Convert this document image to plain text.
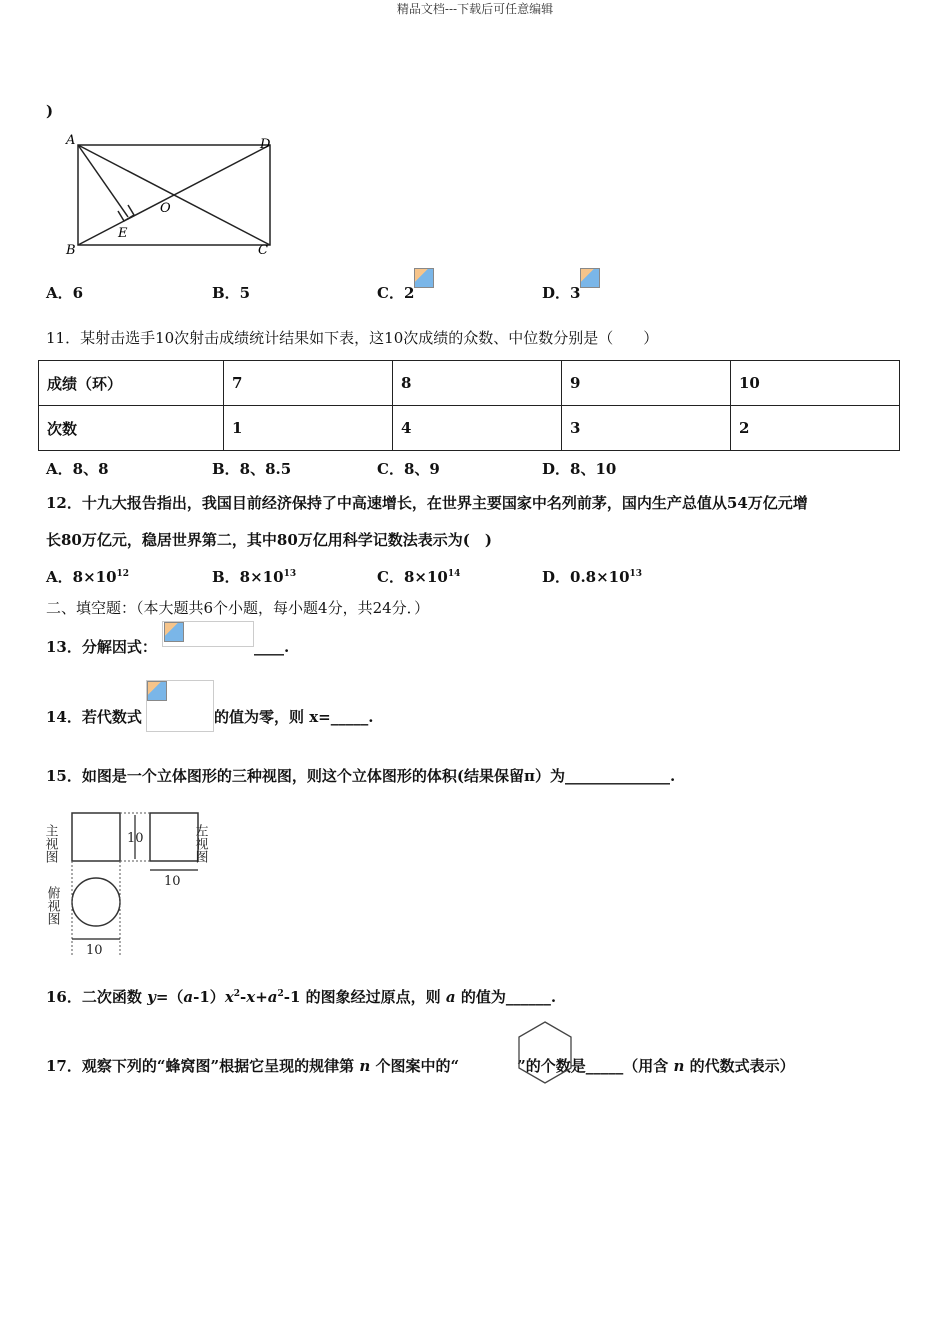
精品文档---下载后可任意编辑
)
A	D
B	C
O
E
A．6	B．5	C．2	D．3
11．某射击选手10次射击成绩统计结果如下表，这10次成绩的众数、中位数分别是（　　）
成绩（环）	7	8	9	10
次数	1	4	3	2
A．8、8	B．8、8.5	C．8、9	D．8、10
12．十九大报告指出，我国目前经济保持了中高速增长，在世界主要国家中名列前茅，国内生产总值从54万亿元增
长80万亿元，稳居世界第二，其中80万亿用科学记数法表示为(　)
A．$8\times 10^{12}$	B．$8\times 10^{13}$	C．$8\times 10^{14}$	D．$0.8\times 10^{13}$
二、填空题：（本大题共6个小题，每小题4分，共24分．）
13．分解因式：	____.
14．若代数式	的值为零，则 x=_____.
15．如图是一个立体图形的三种视图，则这个立体图形的体积(结果保留π）为______________.
主视图	左视图
俯视图
10
10
10
16．二次函数 $y=(a-1)x^2-x+a^2-1$ 的图象经过原点，则 a 的值为______.
17．观察下列的“蜂窝图”根据它呈现的规律第 n 个图案中的“	”的个数是_____（用含 n 的代数式表示）
